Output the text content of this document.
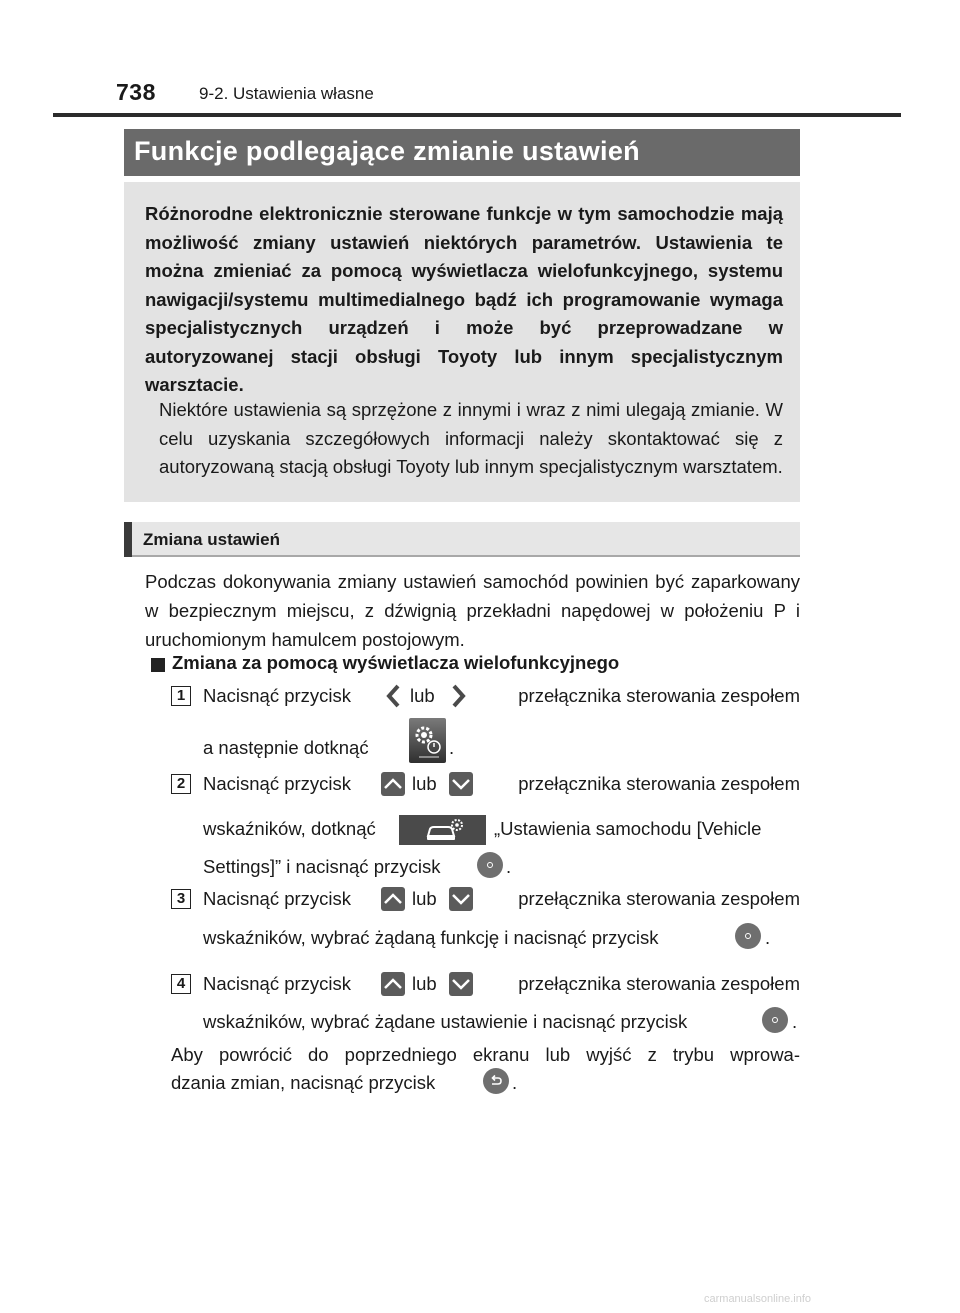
738	9-2. Ustawienia własne
Funkcje podlegające zmianie ustawień
Różnorodne elektronicznie sterowane funkcje w tym samochodzie mają możliwość zmiany ustawień niektórych parametrów. Ustawienia te można zmieniać za pomocą wyświetlacza wielofunkcyjnego, systemu nawigacji/systemu multimedialnego bądź ich programowanie wymaga specjalistycznych urządzeń i może być przeprowadzane w autoryzowanej stacji obsługi Toyoty lub innym specjalistycznym warsztacie.
Niektóre ustawienia są sprzężone z innymi i wraz z nimi ulegają zmianie. W celu uzyskania szczegółowych informacji należy skontaktować się z autoryzowaną stacją obsługi Toyoty lub innym specjalistycznym warsztatem.
Zmiana ustawień
Podczas dokonywania zmiany ustawień samochód powinien być zaparkowany w bezpiecznym miejscu, z dźwignią przekładni napędowej w położeniu P i uruchomionym hamulcem postojowym.
Zmiana za pomocą wyświetlacza wielofunkcyjnego
1 Nacisnąć przycisk	lub	przełącznika sterowania zespołem
a następnie dotknąć	.
2 Nacisnąć przycisk	lub	przełącznika sterowania zespołem
wskaźników, dotknąć	„Ustawienia samochodu [Vehicle
Settings]” i nacisnąć przycisk	.
3 Nacisnąć przycisk	lub	przełącznika sterowania zespołem
wskaźników, wybrać żądaną funkcję i nacisnąć przycisk	.
4 Nacisnąć przycisk	lub	przełącznika sterowania zespołem
wskaźników, wybrać żądane ustawienie i nacisnąć przycisk	.
Aby powrócić do poprzedniego ekranu lub wyjść z trybu wprowa-
dzania zmian, nacisnąć przycisk	.
carmanualsonline.info
